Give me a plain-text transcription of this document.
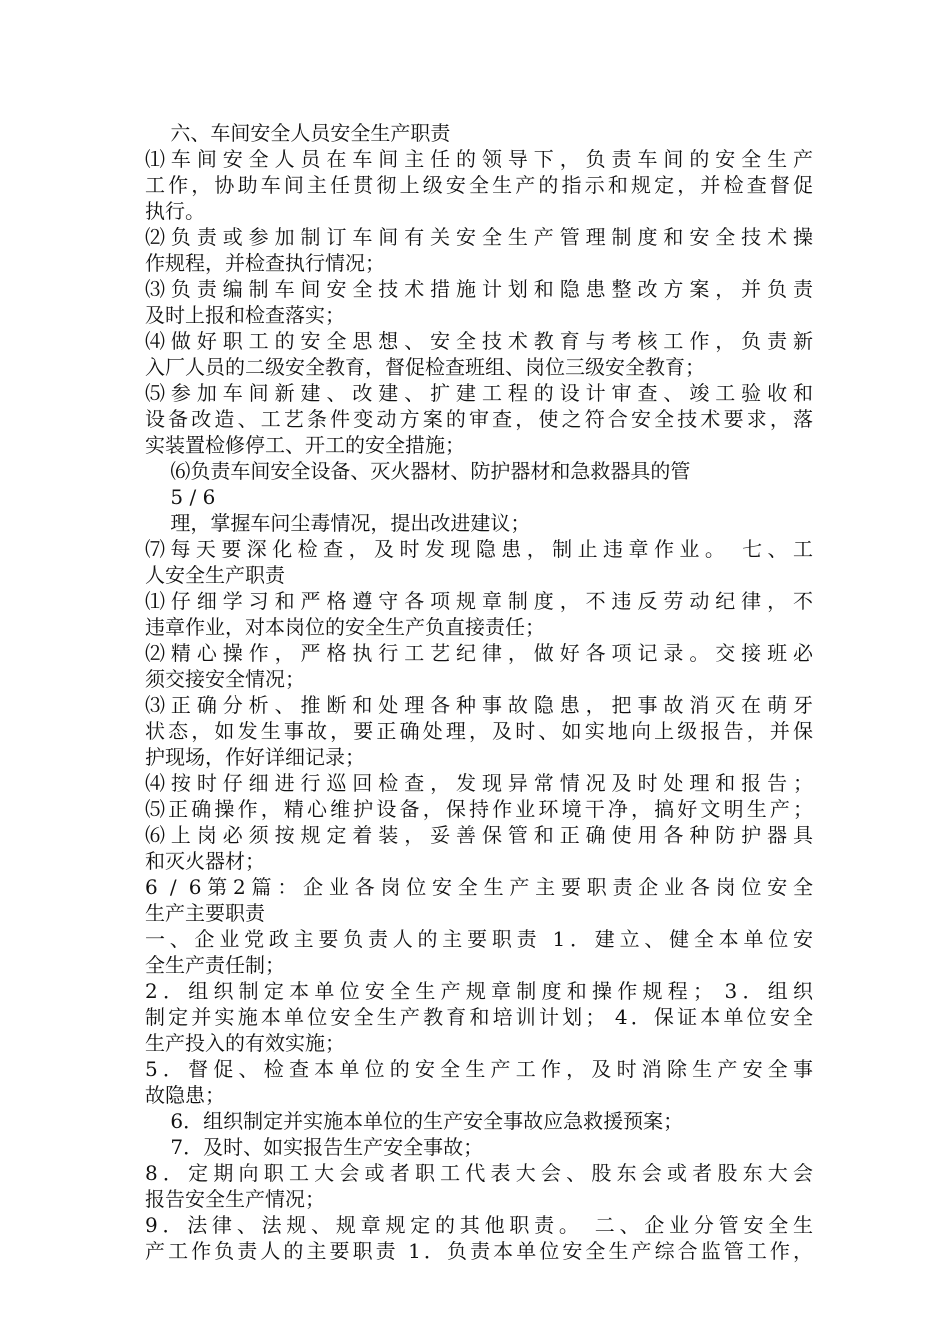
六、车间安全人员安全生产职责
⑴车间安全人员在车间主任的领导下，负责车间的安全生产
工作，协助车间主任贯彻上级安全生产的指示和规定，并检查督促
执行。
⑵负责或参加制订车间有关安全生产管理制度和安全技术操
作规程，并检查执行情况；
⑶负责编制车间安全技术措施计划和隐患整改方案，并负责
及时上报和检查落实；
⑷做好职工的安全思想、安全技术教育与考核工作，负责新
入厂人员的二级安全教育，督促检查班组、岗位三级安全教育；
⑸参加车间新建、改建、扩建工程的设计审查、竣工验收和
设备改造、工艺条件变动方案的审查，使之符合安全技术要求，落
实装置检修停工、开工的安全措施；
⑹负责车间安全设备、灭火器材、防护器材和急救器具的管
5 / 6
理，掌握车问尘毒情况，提出改进建议；
⑺每天要深化检查，及时发现隐患，制止违章作业。 七、工
人安全生产职责
⑴仔细学习和严格遵守各项规章制度，不违反劳动纪律，不
违章作业，对本岗位的安全生产负直接责任；
⑵精心操作，严格执行工艺纪律，做好各项记录。交接班必
须交接安全情况；
⑶正确分析、推断和处理各种事故隐患，把事故消灭在萌牙
状态，如发生事故，要正确处理，及时、如实地向上级报告，并保
护现场，作好详细记录；
⑷按时仔细进行巡回检查，发现异常情况及时处理和报告；
⑸正确操作，精心维护设备，保持作业环境干净，搞好文明生产；
⑹上岗必须按规定着装，妥善保管和正确使用各种防护器具
和灭火器材；
6 / 6第2篇：企业各岗位安全生产主要职责企业各岗位安全
生产主要职责
一、企业党政主要负责人的主要职责 1．建立、健全本单位安
全生产责任制；
2．组织制定本单位安全生产规章制度和操作规程； 3．组织
制定并实施本单位安全生产教育和培训计划； 4．保证本单位安全
生产投入的有效实施；
5．督促、检查本单位的安全生产工作，及时消除生产安全事
故隐患；
6．组织制定并实施本单位的生产安全事故应急救援预案；
7．及时、如实报告生产安全事故；
8．定期向职工大会或者职工代表大会、股东会或者股东大会
报告安全生产情况；
9．法律、法规、规章规定的其他职责。 二、企业分管安全生
产工作负责人的主要职责 1．负责本单位安全生产综合监管工作，
